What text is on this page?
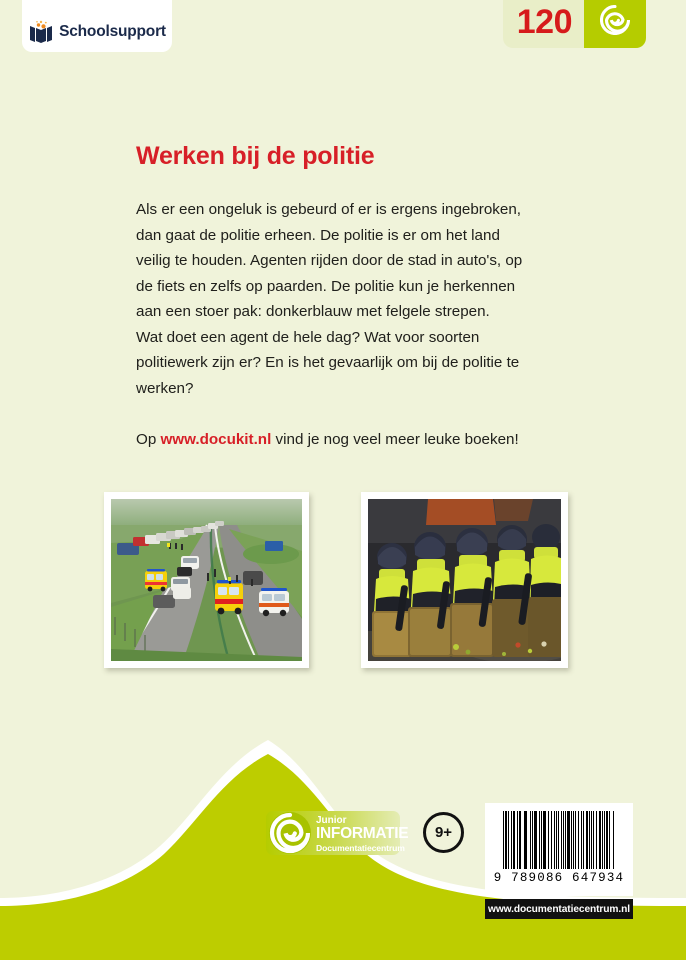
Schoolsupport	120
Werken bij de politie

Als er een ongeluk is gebeurd of er is ergens ingebroken, dan gaat de politie erheen. De politie is er om het land veilig te houden. Agenten rijden door de stad in auto's, op de fiets en zelfs op paarden. De politie kun je herkennen aan een stoer pak: donkerblauw met felgele strepen.

Wat doet een agent de hele dag? Wat voor soorten politiewerk zijn er? En is het gevaarlijk om bij de politie te werken?

Op www.docukit.nl vind je nog veel meer leuke boeken!
Junior
INFORMATIE
Documentatiecentrum
9+
9 789086 647934
www.documentatiecentrum.nl
